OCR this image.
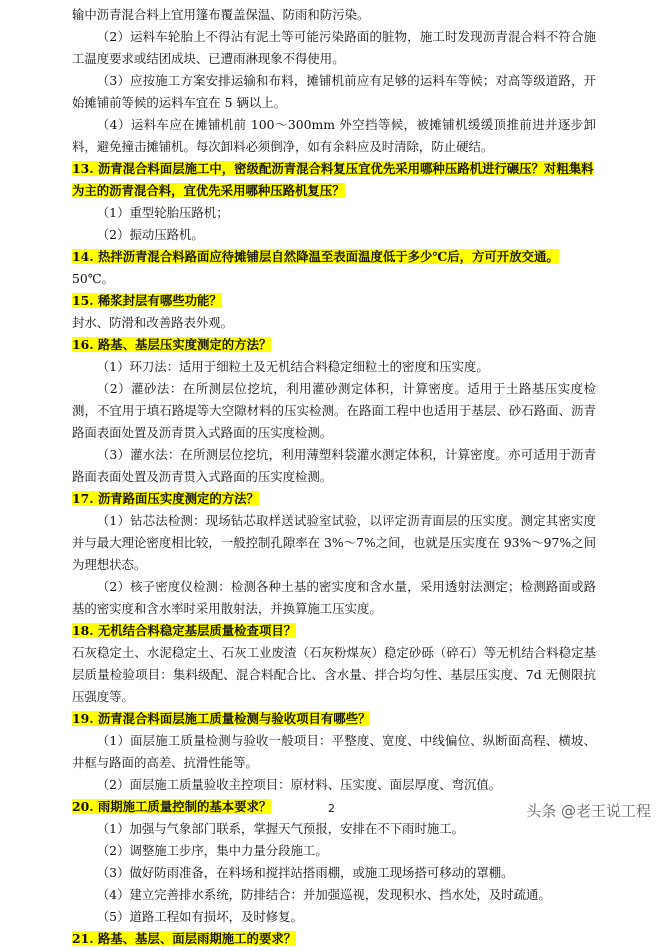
输中沥青混合料上宜用篷布覆盖保温、防雨和防污染。

（2）运料车轮胎上不得沾有泥土等可能污染路面的脏物，施工时发现沥青混合料不符合施工温度要求或结团成块、已遭雨淋现象不得使用。

（3）应按施工方案安排运输和布料，摊铺机前应有足够的运料车等候；对高等级道路，开始摊铺前等候的运料车宜在 5 辆以上。

（4）运料车应在摊铺机前 100～300mm 外空挡等候，被摊铺机缓缓顶推前进并逐步卸料，避免撞击摊铺机。每次卸料必须倒净，如有余料应及时清除，防止硬结。

13. 沥青混合料面层施工中，密级配沥青混合料复压宜优先采用哪种压路机进行碾压？对粗集料为主的沥青混合料，宜优先采用哪种压路机复压？

（1）重型轮胎压路机；

（2）振动压路机。

14. 热拌沥青混合料路面应待摊铺层自然降温至表面温度低于多少℃后，方可开放交通。

50℃。

15. 稀浆封层有哪些功能？

封水、防滑和改善路表外观。

16. 路基、基层压实度测定的方法？

（1）环刀法：适用于细粒土及无机结合料稳定细粒土的密度和压实度。

（2）灌砂法：在所测层位挖坑，利用灌砂测定体积，计算密度。适用于土路基压实度检测，不宜用于填石路堤等大空隙材料的压实检测。在路面工程中也适用于基层、砂石路面、沥青路面表面处置及沥青贯入式路面的压实度检测。

（3）灌水法：在所测层位挖坑，利用薄塑料袋灌水测定体积，计算密度。亦可适用于沥青路面表面处置及沥青贯入式路面的压实度检测。

17. 沥青路面压实度测定的方法？

（1）钻芯法检测：现场钻芯取样送试验室试验，以评定沥青面层的压实度。测定其密实度并与最大理论密度相比较，一般控制孔隙率在 3%～7%之间，也就是压实度在 93%～97%之间为理想状态。

（2）核子密度仪检测：检测各种土基的密实度和含水量，采用透射法测定；检测路面或路基的密实度和含水率时采用散射法，并换算施工压实度。

18. 无机结合料稳定基层质量检查项目？

石灰稳定土、水泥稳定土、石灰工业废渣（石灰粉煤灰）稳定砂砾（碎石）等无机结合料稳定基层质量检验项目：集料级配、混合料配合比、含水量、拌合均匀性、基层压实度、7d 无侧限抗压强度等。

19. 沥青混合料面层施工质量检测与验收项目有哪些？

（1）面层施工质量检测与验收一般项目：平整度、宽度、中线偏位、纵断面高程、横坡、井框与路面的高差、抗滑性能等。

（2）面层施工质量验收主控项目：原材料、压实度、面层厚度、弯沉值。

20. 雨期施工质量控制的基本要求？

（1）加强与气象部门联系，掌握天气预报，安排在不下雨时施工。

（2）调整施工步序，集中力量分段施工。

（3）做好防雨准备，在料场和搅拌站搭雨棚，或施工现场搭可移动的罩棚。

（4）建立完善排水系统，防排结合：并加强巡视，发现积水、挡水处，及时疏通。

（5）道路工程如有损坏，及时修复。

21. 路基、基层、面层雨期施工的要求？

2	头条 @老王说工程
